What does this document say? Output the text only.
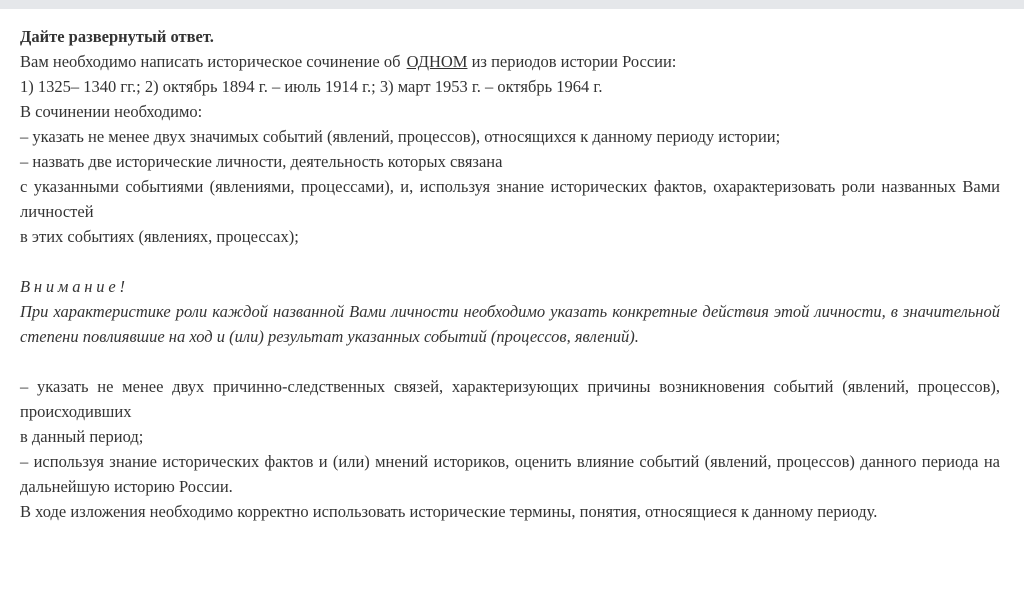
Дайте развернутый ответ.

Вам необходимо написать историческое сочинение об ОДНОМ из периодов истории России:

1) 1325– 1340 гг.; 2) октябрь 1894 г. – июль 1914 г.; 3) март 1953 г. – октябрь 1964 г.

В сочинении необходимо:

– указать не менее двух значимых событий (явлений, процессов), относящихся к данному периоду истории;

– назвать две исторические личности, деятельность которых связана

с указанными событиями (явлениями, процессами), и, используя знание исторических фактов, охарактеризовать роли названных Вами личностей

в этих событиях (явлениях, процессах);

Внимание!

При характеристике роли каждой названной Вами личности необходимо указать конкретные действия этой личности, в значительной степени повлиявшие на ход и (или) результат указанных событий (процессов, явлений).

– указать не менее двух причинно-следственных связей, характеризующих причины возникновения событий (явлений, процессов), происходивших

в данный период;

– используя знание исторических фактов и (или) мнений историков, оценить влияние событий (явлений, процессов) данного периода на дальнейшую историю России.

В ходе изложения необходимо корректно использовать исторические термины, понятия, относящиеся к данному периоду.
